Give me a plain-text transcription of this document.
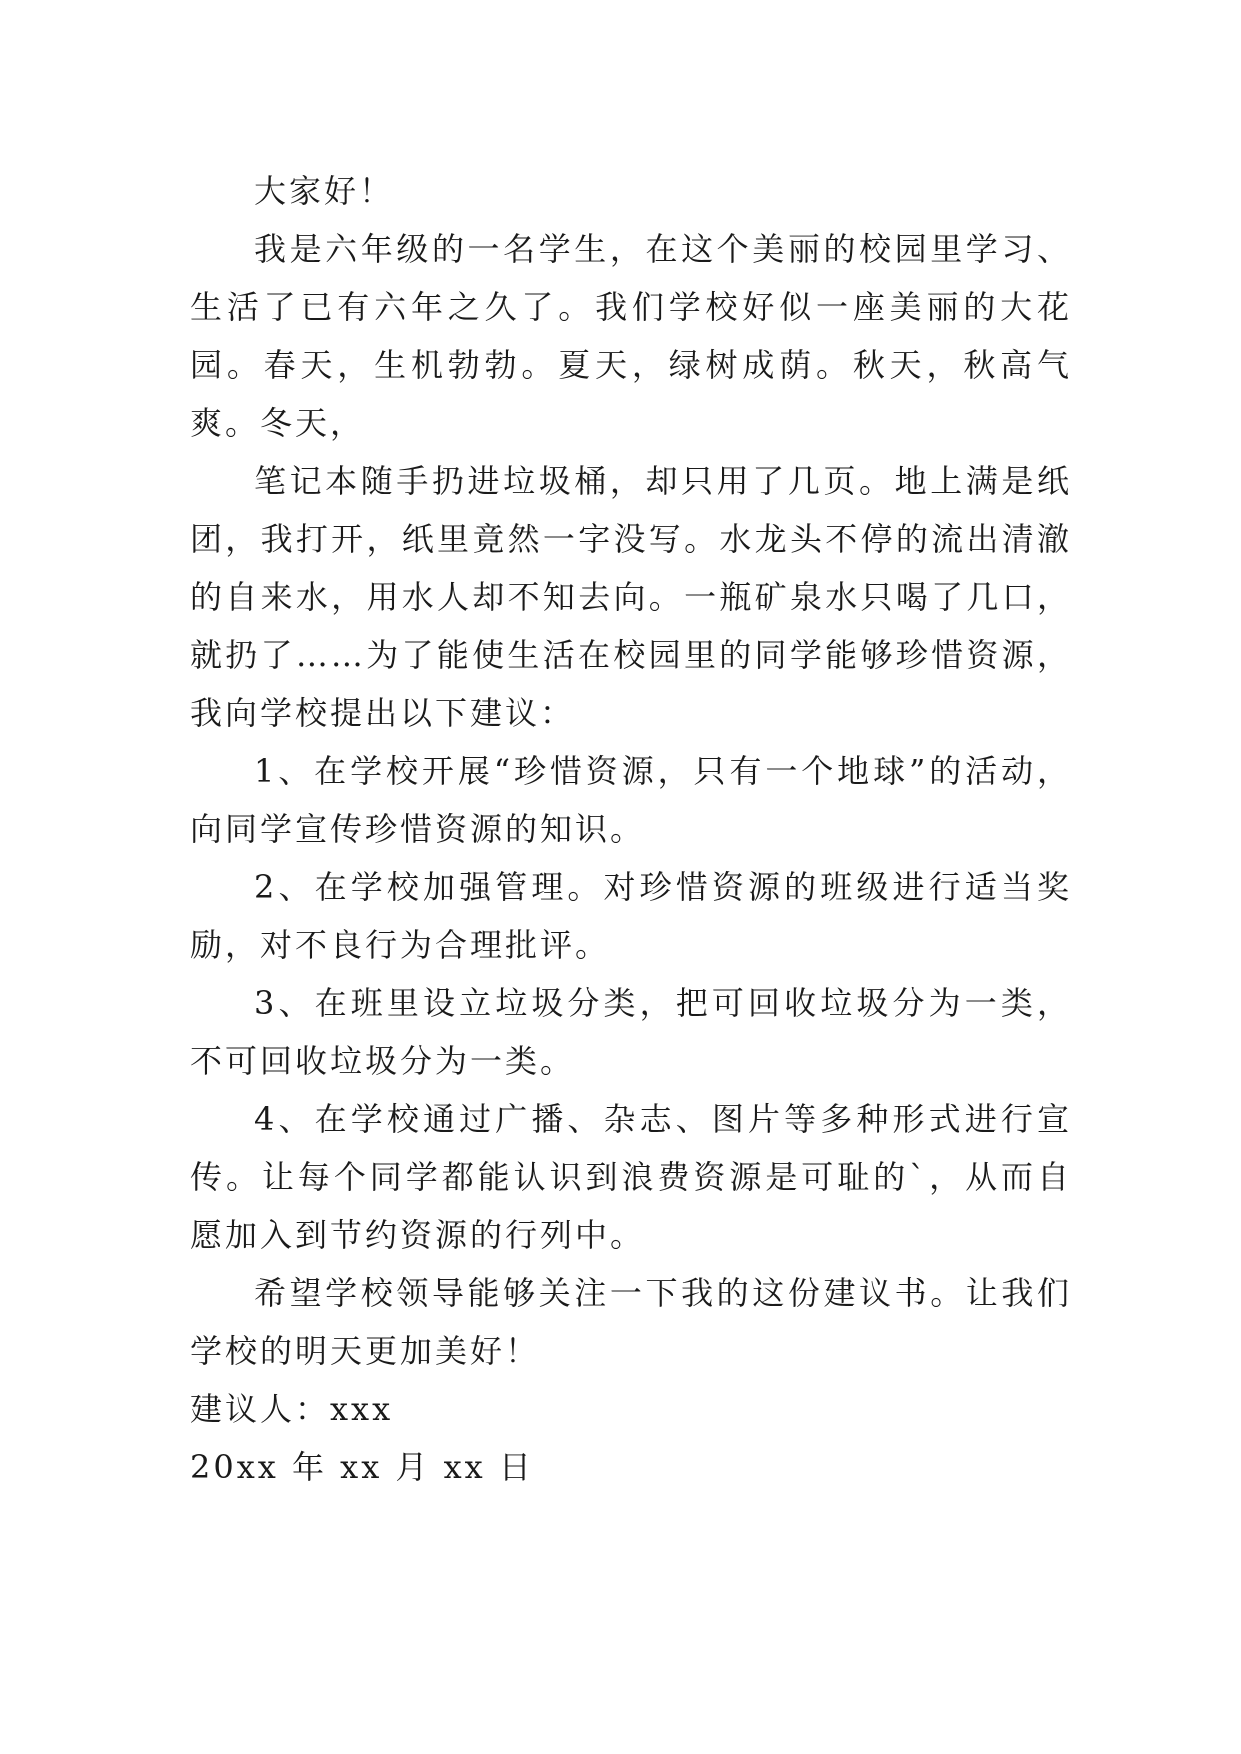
大家好！

我是六年级的一名学生，在这个美丽的校园里学习、生活了已有六年之久了。我们学校好似一座美丽的大花园。春天，生机勃勃。夏天，绿树成荫。秋天，秋高气爽。冬天，

笔记本随手扔进垃圾桶，却只用了几页。地上满是纸团，我打开，纸里竟然一字没写。水龙头不停的流出清澈的自来水，用水人却不知去向。一瓶矿泉水只喝了几口，就扔了……为了能使生活在校园里的同学能够珍惜资源，我向学校提出以下建议：

1、在学校开展“珍惜资源，只有一个地球”的活动，向同学宣传珍惜资源的知识。

2、在学校加强管理。对珍惜资源的班级进行适当奖励，对不良行为合理批评。

3、在班里设立垃圾分类，把可回收垃圾分为一类，不可回收垃圾分为一类。

4、在学校通过广播、杂志、图片等多种形式进行宣传。让每个同学都能认识到浪费资源是可耻的`，从而自愿加入到节约资源的行列中。

希望学校领导能够关注一下我的这份建议书。让我们学校的明天更加美好！

建议人：xxx

20xx 年 xx 月 xx 日
